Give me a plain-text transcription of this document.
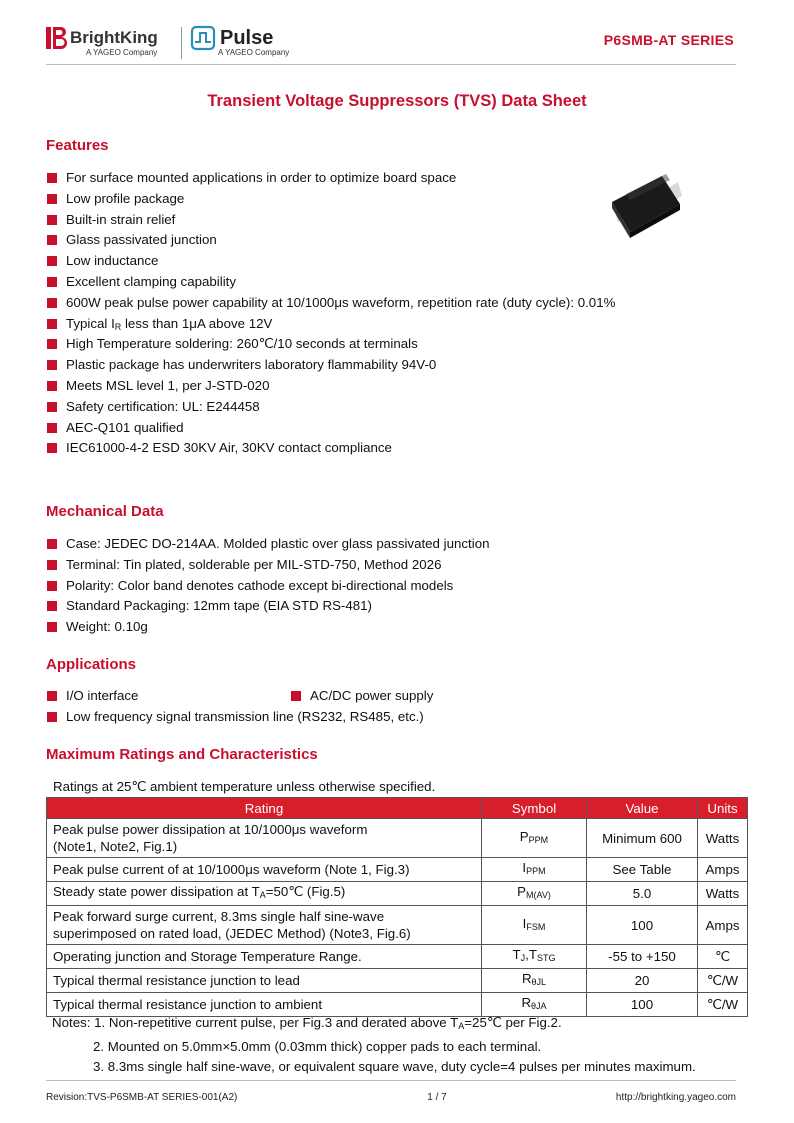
BrightKing
A YAGEO Company
Pulse
A YAGEO Company
P6SMB-AT SERIES
Transient Voltage Suppressors (TVS) Data Sheet
Features
For surface mounted applications in order to optimize board space
Low profile package
Built-in strain relief
Glass passivated junction
Low inductance
Excellent clamping capability
600W peak pulse power capability at 10/1000μs waveform, repetition rate (duty cycle): 0.01%
Typical $I_R$ less than 1μA above 12V
High Temperature soldering: 260℃/10 seconds at terminals
Plastic package has underwriters laboratory flammability 94V-0
Meets MSL level 1, per J-STD-020
Safety certification: UL: E244458
AEC-Q101 qualified
IEC61000-4-2 ESD 30KV Air, 30KV contact compliance
Mechanical Data
Case: JEDEC DO-214AA. Molded plastic over glass passivated junction
Terminal: Tin plated, solderable per MIL-STD-750, Method 2026
Polarity: Color band denotes cathode except bi-directional models
Standard Packaging: 12mm tape (EIA STD RS-481)
Weight: 0.10g
Applications
I/O interface
Low frequency signal transmission line (RS232, RS485, etc.)
AC/DC power supply
Maximum Ratings and Characteristics
Ratings at 25℃ ambient temperature unless otherwise specified.
Rating	Symbol	Value	Units
Peak pulse power dissipation at 10/1000μs waveform
(Note1, Note2, Fig.1)	$P_{PPM}$	Minimum 600	Watts
Peak pulse current of at 10/1000μs waveform (Note 1, Fig.3)	$I_{PPM}$	See Table	Amps
Steady state power dissipation at $T_A=50℃$ (Fig.5)	$P_{M(AV)}$	5.0	Watts
Peak forward surge current, 8.3ms single half sine-wave
superimposed on rated load, (JEDEC Method) (Note3, Fig.6)	$I_{FSM}$	100	Amps
Operating junction and Storage Temperature Range.	$T_J,T_{STG}$	-55 to +150	℃
Typical thermal resistance junction to lead	$R_{\theta JL}$	20	℃/W
Typical thermal resistance junction to ambient	$R_{\theta JA}$	100	℃/W
Notes: 1. Non-repetitive current pulse, per Fig.3 and derated above $T_A=25℃$ per Fig.2.
2. Mounted on 5.0mm×5.0mm (0.03mm thick) copper pads to each terminal.
3. 8.3ms single half sine-wave, or equivalent square wave, duty cycle=4 pulses per minutes maximum.
Revision:TVS-P6SMB-AT SERIES-001(A2)	1 / 7	http://brightking.yageo.com
